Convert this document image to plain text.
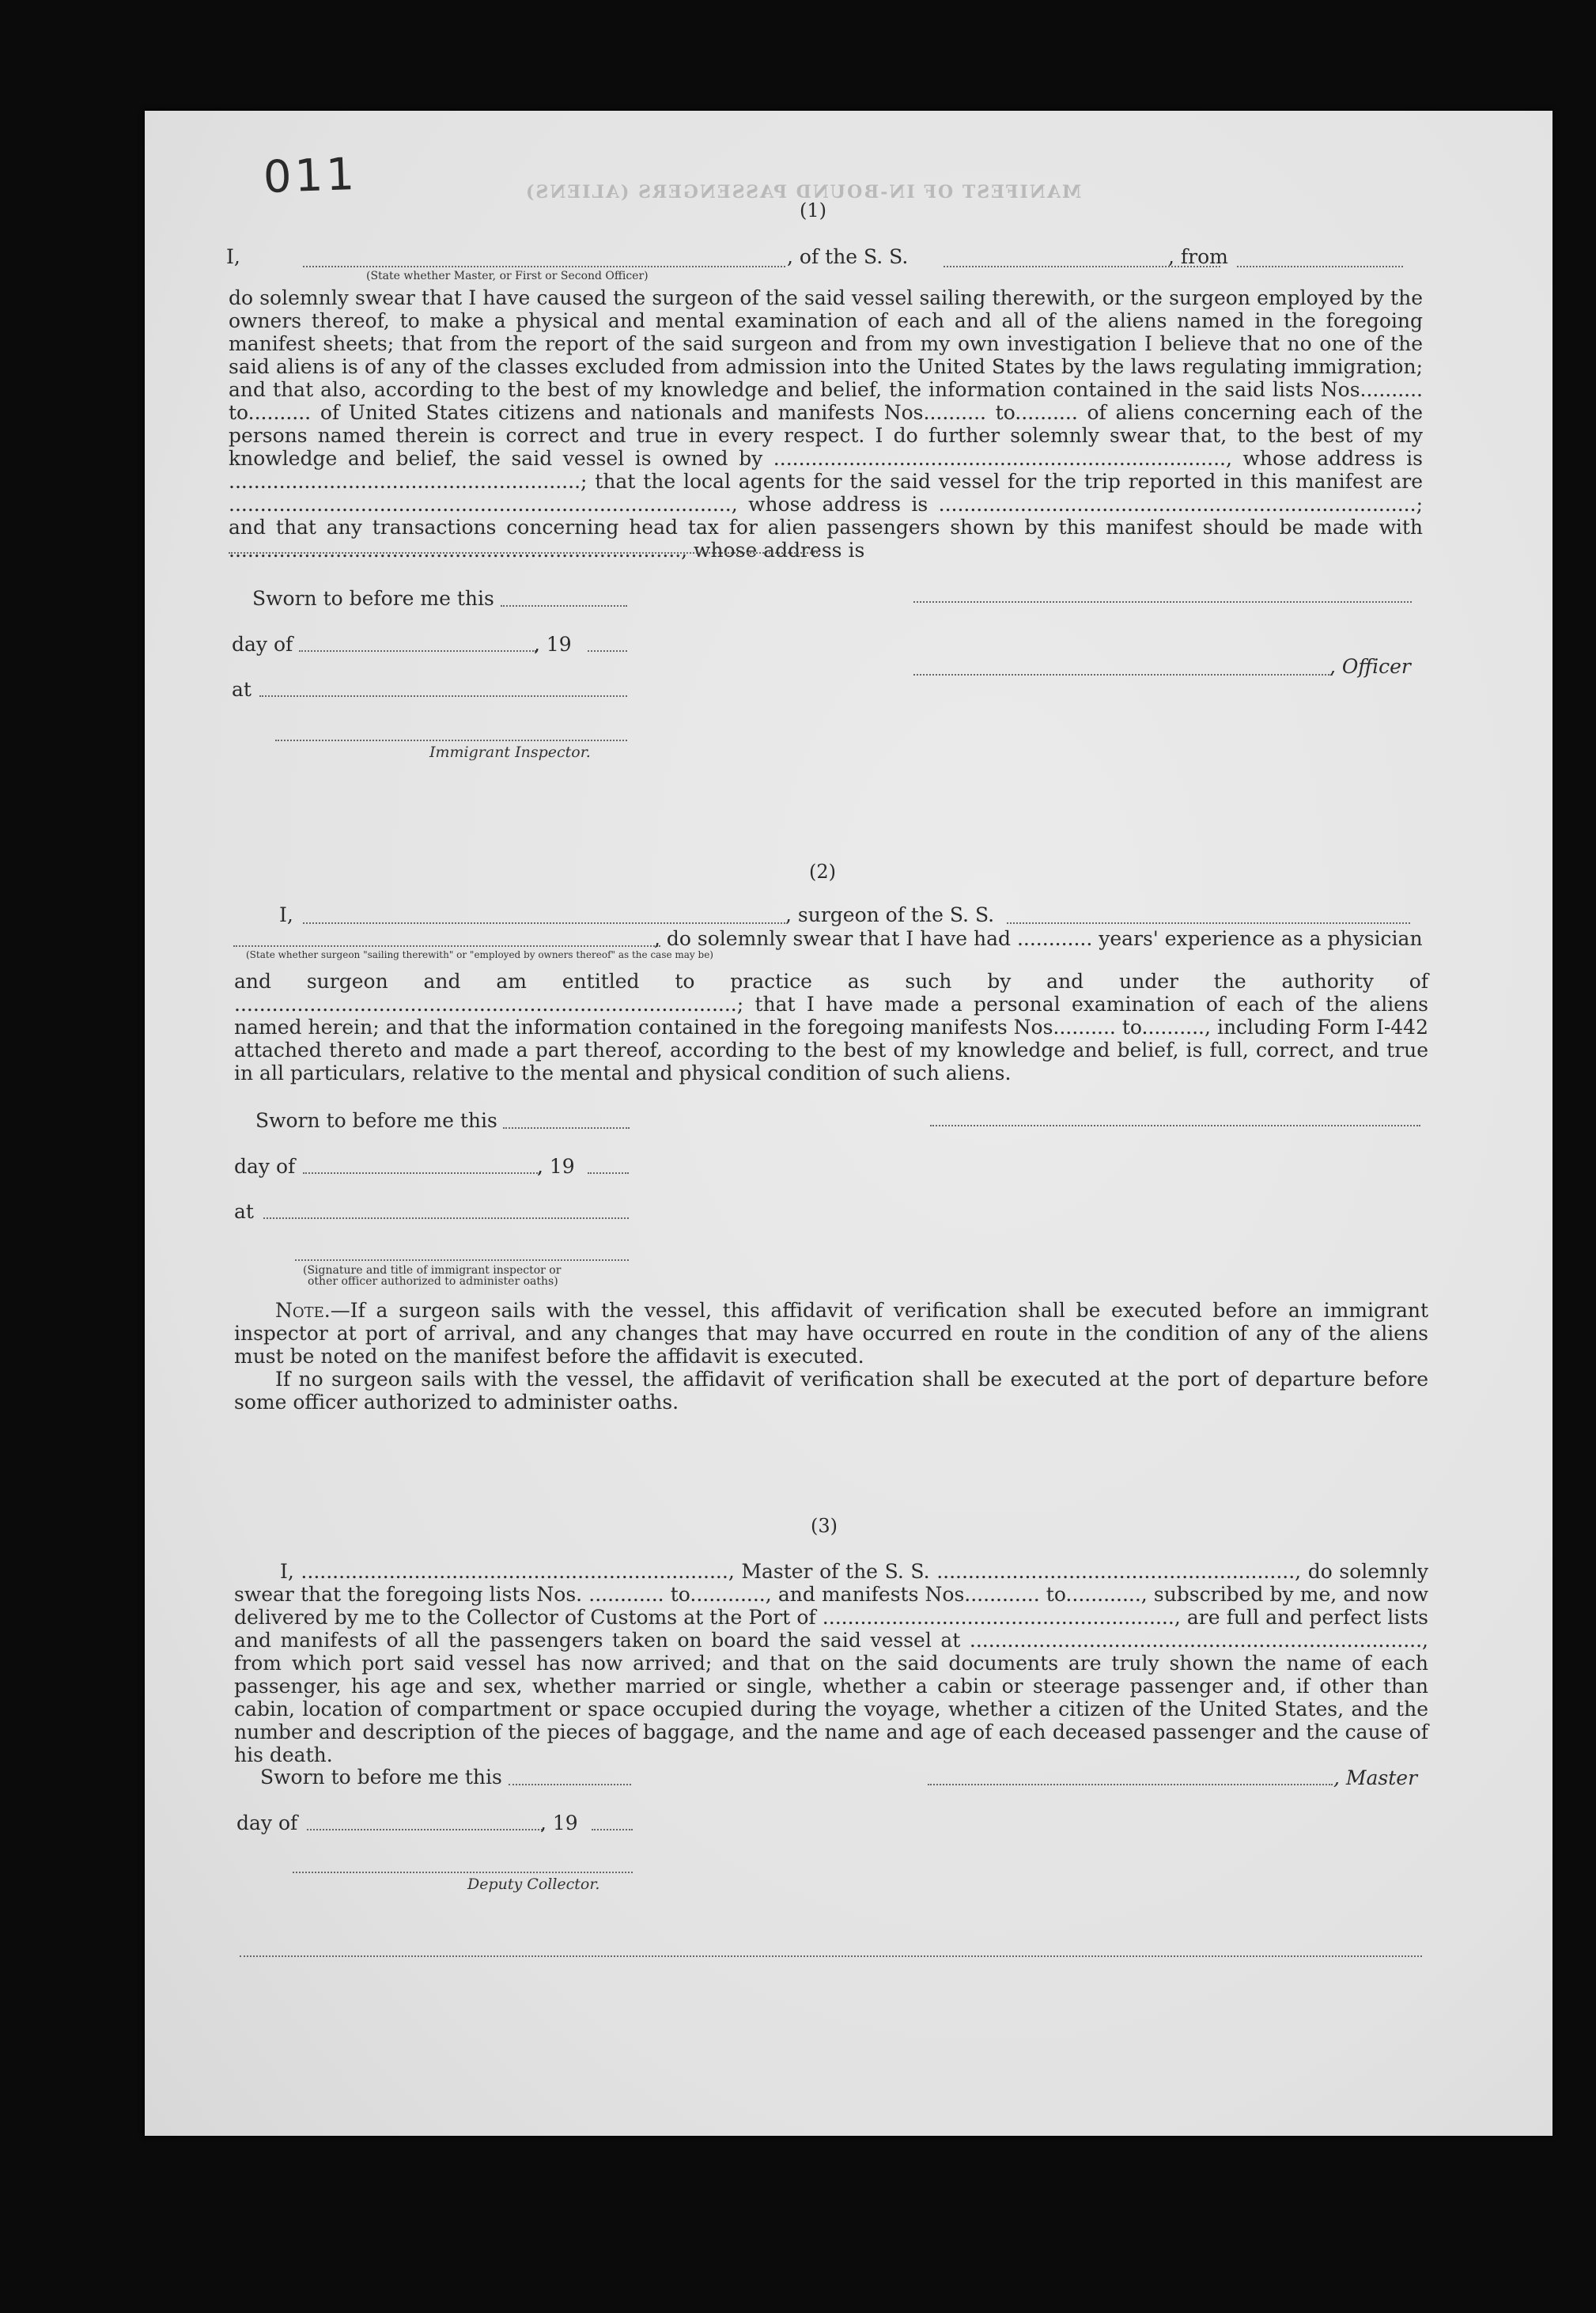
011	MANIFEST OF IN-BOUND PASSENGERS (ALIENS)
(1)
I,	, of the S. S.	, from
(State whether Master, or First or Second Officer)
do solemnly swear that I have caused the surgeon of the said vessel sailing therewith, or the surgeon employed by the owners thereof, to make a physical and mental examination of each and all of the aliens named in the foregoing manifest sheets; that from the report of the said surgeon and from my own investigation I believe that no one of the said aliens is of any of the classes excluded from admission into the United States by the laws regulating immigration; and that also, according to the best of my knowledge and belief, the information contained in the said lists Nos.......... to.......... of United States citizens and nationals and manifests Nos.......... to.......... of aliens concerning each of the persons named therein is correct and true in every respect. I do further solemnly swear that, to the best of my knowledge and belief, the said vessel is owned by ........................................................................, whose address is ........................................................; that the local agents for the said vessel for the trip reported in this manifest are ................................................................................, whose address is ............................................................................; and that any transactions concerning head tax for alien passengers shown by this manifest should be made with ........................................................................, whose address is
Sworn to before me this
day of	, 19
at
Immigrant Inspector.
, Officer
(2)
I,	, surgeon of the S. S.
, do solemnly swear that I have had ............ years' experience as a physician
(State whether surgeon "sailing therewith" or "employed by owners thereof" as the case may be)
and surgeon and am entitled to practice as such by and under the authority of ................................................................................; that I have made a personal examination of each of the aliens named herein; and that the information contained in the foregoing manifests Nos.......... to.........., including Form I-442 attached thereto and made a part thereof, according to the best of my knowledge and belief, is full, correct, and true in all particulars, relative to the mental and physical condition of such aliens.
Sworn to before me this
day of	, 19
at
(Signature and title of immigrant inspector or
other officer authorized to administer oaths)
Note.—If a surgeon sails with the vessel, this affidavit of verification shall be executed before an immigrant inspector at port of arrival, and any changes that may have occurred en route in the condition of any of the aliens must be noted on the manifest before the affidavit is executed.
If no surgeon sails with the vessel, the affidavit of verification shall be executed at the port of departure before some officer authorized to administer oaths.
(3)
I, ...................................................................., Master of the S. S. ........................................................., do solemnly swear that the foregoing lists Nos. ............ to............, and manifests Nos............ to............, subscribed by me, and now delivered by me to the Collector of Customs at the Port of ........................................................, are full and perfect lists and manifests of all the passengers taken on board the said vessel at ........................................................................, from which port said vessel has now arrived; and that on the said documents are truly shown the name of each passenger, his age and sex, whether married or single, whether a cabin or steerage passenger and, if other than cabin, location of compartment or space occupied during the voyage, whether a citizen of the United States, and the number and description of the pieces of baggage, and the name and age of each deceased passenger and the cause of his death.
Sworn to before me this
day of	, 19
Deputy Collector.
, Master
